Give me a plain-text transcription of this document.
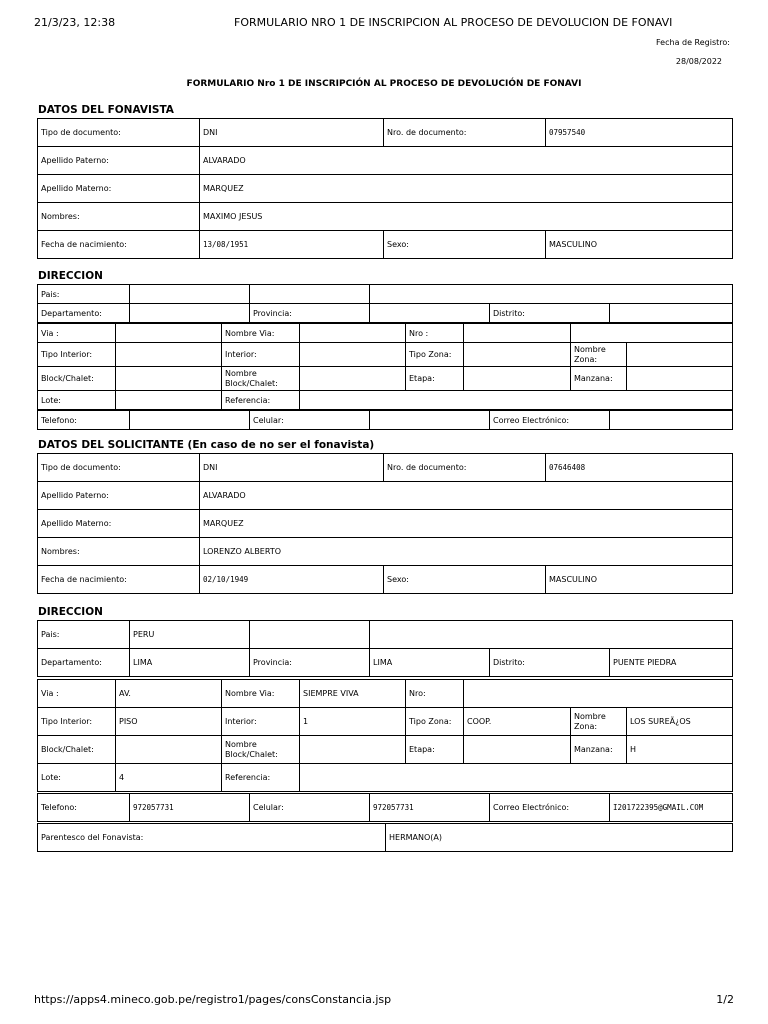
21/3/23, 12:38	FORMULARIO NRO 1 DE INSCRIPCION AL PROCESO DE DEVOLUCION DE FONAVI
Fecha de Registro:
28/08/2022
FORMULARIO Nro 1 DE INSCRIPCIÓN AL PROCESO DE DEVOLUCIÓN DE FONAVI
DATOS DEL FONAVISTA
Tipo de documento:	DNI	Nro. de documento:	07957540
Apellido Paterno:	ALVARADO		
Apellido Materno:	MARQUEZ		
Nombres:	MAXIMO JESUS		
Fecha de nacimiento:	13/08/1951	Sexo:	MASCULINO
DIRECCION
Pais:					
Departamento:		Provincia:		Distrito:	
Via :		Nombre Via:		Nro :			
Tipo Interior:		Interior:		Tipo Zona:		Nombre Zona:	
Block/Chalet:		Nombre Block/Chalet:		Etapa:		Manzana:	
Lote:		Referencia:					
Telefono:		Celular:		Correo Electrónico:	
DATOS DEL SOLICITANTE (En caso de no ser el fonavista)
Tipo de documento:	DNI	Nro. de documento:	07646408
Apellido Paterno:	ALVARADO		
Apellido Materno:	MARQUEZ		
Nombres:	LORENZO ALBERTO		
Fecha de nacimiento:	02/10/1949	Sexo:	MASCULINO
DIRECCION
Pais:	PERU				
Departamento:	LIMA	Provincia:	LIMA	Distrito:	PUENTE PIEDRA
Via :	AV.	Nombre Via:	SIEMPRE VIVA	Nro:			
Tipo Interior:	PISO	Interior:	1	Tipo Zona:	COOP.	Nombre Zona:	LOS SUREÃ¿OS
Block/Chalet:		Nombre Block/Chalet:		Etapa:		Manzana:	H
Lote:	4	Referencia:					
Telefono:	972057731	Celular:	972057731	Correo Electrónico:	I201722395@GMAIL.COM
Parentesco del Fonavista:	HERMANO(A)
https://apps4.mineco.gob.pe/registro1/pages/consConstancia.jsp	1/2
